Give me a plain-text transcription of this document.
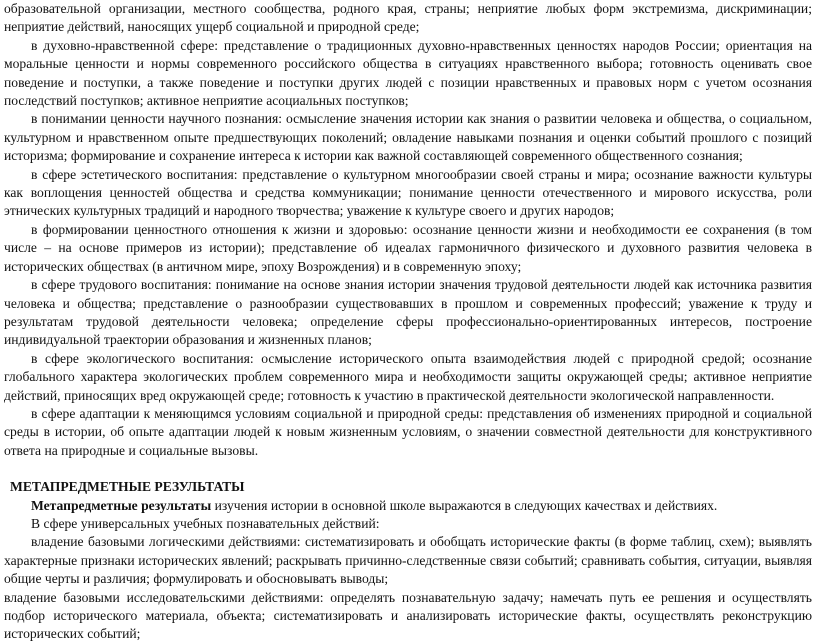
образовательной организации, местного сообщества, родного края, страны; неприятие любых форм экстремизма, дискриминации; неприятие действий, наносящих ущерб социальной и природной среде;

в духовно-нравственной сфере: представление о традиционных духовно-нравственных ценностях народов России; ориентация на моральные ценности и нормы современного российского общества в ситуациях нравственного выбора; готовность оценивать свое поведение и поступки, а также поведение и поступки других людей с позиции нравственных и правовых норм с учетом осознания последствий поступков; активное неприятие асоциальных поступков;

в понимании ценности научного познания: осмысление значения истории как знания о развитии человека и общества, о социальном, культурном и нравственном опыте предшествующих поколений; овладение навыками познания и оценки событий прошлого с позиций историзма; формирование и сохранение интереса к истории как важной составляющей современного общественного сознания;

в сфере эстетического воспитания: представление о культурном многообразии своей страны и мира; осознание важности культуры как воплощения ценностей общества и средства коммуникации; понимание ценности отечественного и мирового искусства, роли этнических культурных традиций и народного творчества; уважение к культуре своего и других народов;

в формировании ценностного отношения к жизни и здоровью: осознание ценности жизни и необходимости ее сохранения (в том числе – на основе примеров из истории); представление об идеалах гармоничного физического и духовного развития человека в исторических обществах (в античном мире, эпоху Возрождения) и в современную эпоху;

в сфере трудового воспитания: понимание на основе знания истории значения трудовой деятельности людей как источника развития человека и общества; представление о разнообразии существовавших в прошлом и современных профессий; уважение к труду и результатам трудовой деятельности человека; определение сферы профессионально-ориентированных интересов, построение индивидуальной траектории образования и жизненных планов;

в сфере экологического воспитания: осмысление исторического опыта взаимодействия людей с природной средой; осознание глобального характера экологических проблем современного мира и необходимости защиты окружающей среды; активное неприятие действий, приносящих вред окружающей среде; готовность к участию в практической деятельности экологической направленности.

в сфере адаптации к меняющимся условиям социальной и природной среды: представления об изменениях природной и социальной среды в истории, об опыте адаптации людей к новым жизненным условиям, о значении совместной деятельности для конструктивного ответа на природные и социальные вызовы.

МЕТАПРЕДМЕТНЫЕ РЕЗУЛЬТАТЫ

Метапредметные результаты изучения истории в основной школе выражаются в следующих качествах и действиях.

В сфере универсальных учебных познавательных действий:

владение базовыми логическими действиями: систематизировать и обобщать исторические факты (в форме таблиц, схем); выявлять характерные признаки исторических явлений; раскрывать причинно-следственные связи событий; сравнивать события, ситуации, выявляя общие черты и различия; формулировать и обосновывать выводы;

владение базовыми исследовательскими действиями: определять познавательную задачу; намечать путь ее решения и осуществлять подбор исторического материала, объекта; систематизировать и анализировать исторические факты, осуществлять реконструкцию исторических событий;
